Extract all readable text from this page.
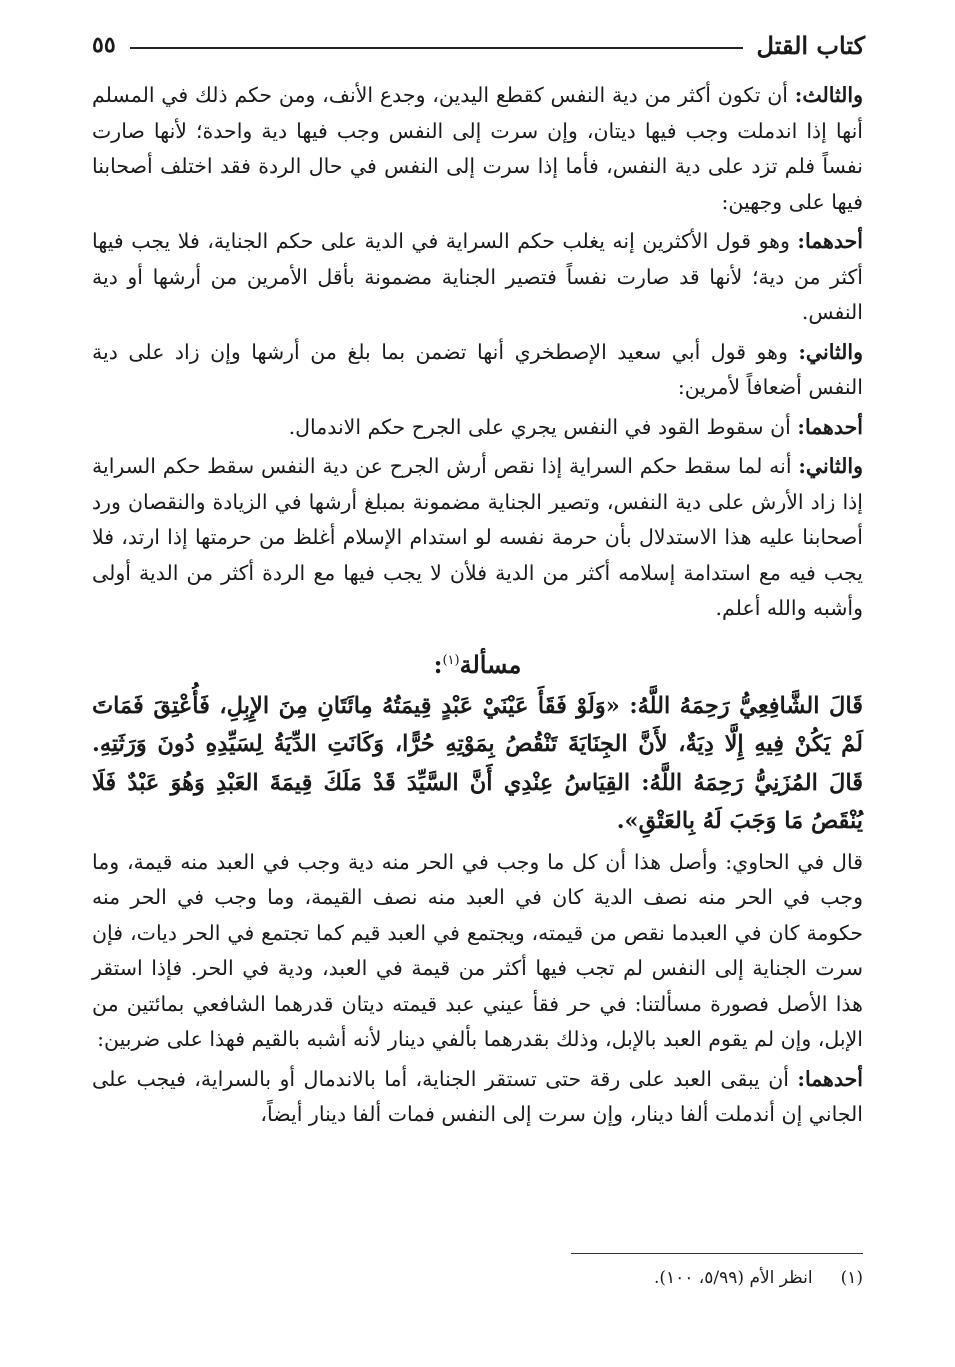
كتاب القتل
٥٥

والثالث: أن تكون أكثر من دية النفس كقطع اليدين، وجدع الأنف، ومن حكم ذلك في المسلم أنها إذا اندملت وجب فيها ديتان، وإن سرت إلى النفس وجب فيها دية واحدة؛ لأنها صارت نفساً فلم تزد على دية النفس، فأما إذا سرت إلى النفس في حال الردة فقد اختلف أصحابنا فيها على وجهين:

أحدهما: وهو قول الأكثرين إنه يغلب حكم السراية في الدية على حكم الجناية، فلا يجب فيها أكثر من دية؛ لأنها قد صارت نفساً فتصير الجناية مضمونة بأقل الأمرين من أرشها أو دية النفس.

والثاني: وهو قول أبي سعيد الإصطخري أنها تضمن بما بلغ من أرشها وإن زاد على دية النفس أضعافاً لأمرين:

أحدهما: أن سقوط القود في النفس يجري على الجرح حكم الاندمال.

والثاني: أنه لما سقط حكم السراية إذا نقص أرش الجرح عن دية النفس سقط حكم السراية إذا زاد الأرش على دية النفس، وتصير الجناية مضمونة بمبلغ أرشها في الزيادة والنقصان ورد أصحابنا عليه هذا الاستدلال بأن حرمة نفسه لو استدام الإسلام أغلظ من حرمتها إذا ارتد، فلا يجب فيه مع استدامة إسلامه أكثر من الدية فلأن لا يجب فيها مع الردة أكثر من الدية أولى وأشبه والله أعلم.

مسألة$^{(١)}$:

قَالَ الشَّافِعِيُّ رَحِمَهُ اللَّهُ: «وَلَوْ فَقَأَ عَيْنَيْ عَبْدٍ قِيمَتُهُ مِائَتَانِ مِنَ الإِبِلِ، فَأُعْتِقَ فَمَاتَ لَمْ يَكُنْ فِيهِ إِلَّا دِيَةٌ، لأَنَّ الجِنَايَةَ تَنْقُصُ بِمَوْتِهِ حُرًّا، وَكَانَتِ الدِّيَةُ لِسَيِّدِهِ دُونَ وَرَثَتِهِ. قَالَ المُزَنِيُّ رَحِمَهُ اللَّهُ: القِيَاسُ عِنْدِي أَنَّ السَّيِّدَ قَدْ مَلَكَ قِيمَةَ العَبْدِ وَهُوَ عَبْدٌ فَلَا يُنْقَصُ مَا وَجَبَ لَهُ بِالعَتْقِ».

قال في الحاوي: وأصل هذا أن كل ما وجب في الحر منه دية وجب في العبد منه قيمة، وما وجب في الحر منه نصف الدية كان في العبد منه نصف القيمة، وما وجب في الحر منه حكومة كان في العبدما نقص من قيمته، ويجتمع في العبد قيم كما تجتمع في الحر ديات، فإن سرت الجناية إلى النفس لم تجب فيها أكثر من قيمة في العبد، ودية في الحر. فإذا استقر هذا الأصل فصورة مسألتنا: في حر فقأ عيني عبد قيمته ديتان قدرهما الشافعي بمائتين من الإبل، وإن لم يقوم العبد بالإبل، وذلك بقدرهما بألفي دينار لأنه أشبه بالقيم فهذا على ضربين:

أحدهما: أن يبقى العبد على رقة حتى تستقر الجناية، أما بالاندمال أو بالسراية، فيجب على الجاني إن أندملت ألفا دينار، وإن سرت إلى النفس فمات ألفا دينار أيضاً،

(١)انظر الأم (٥/٩٩، ١٠٠).
